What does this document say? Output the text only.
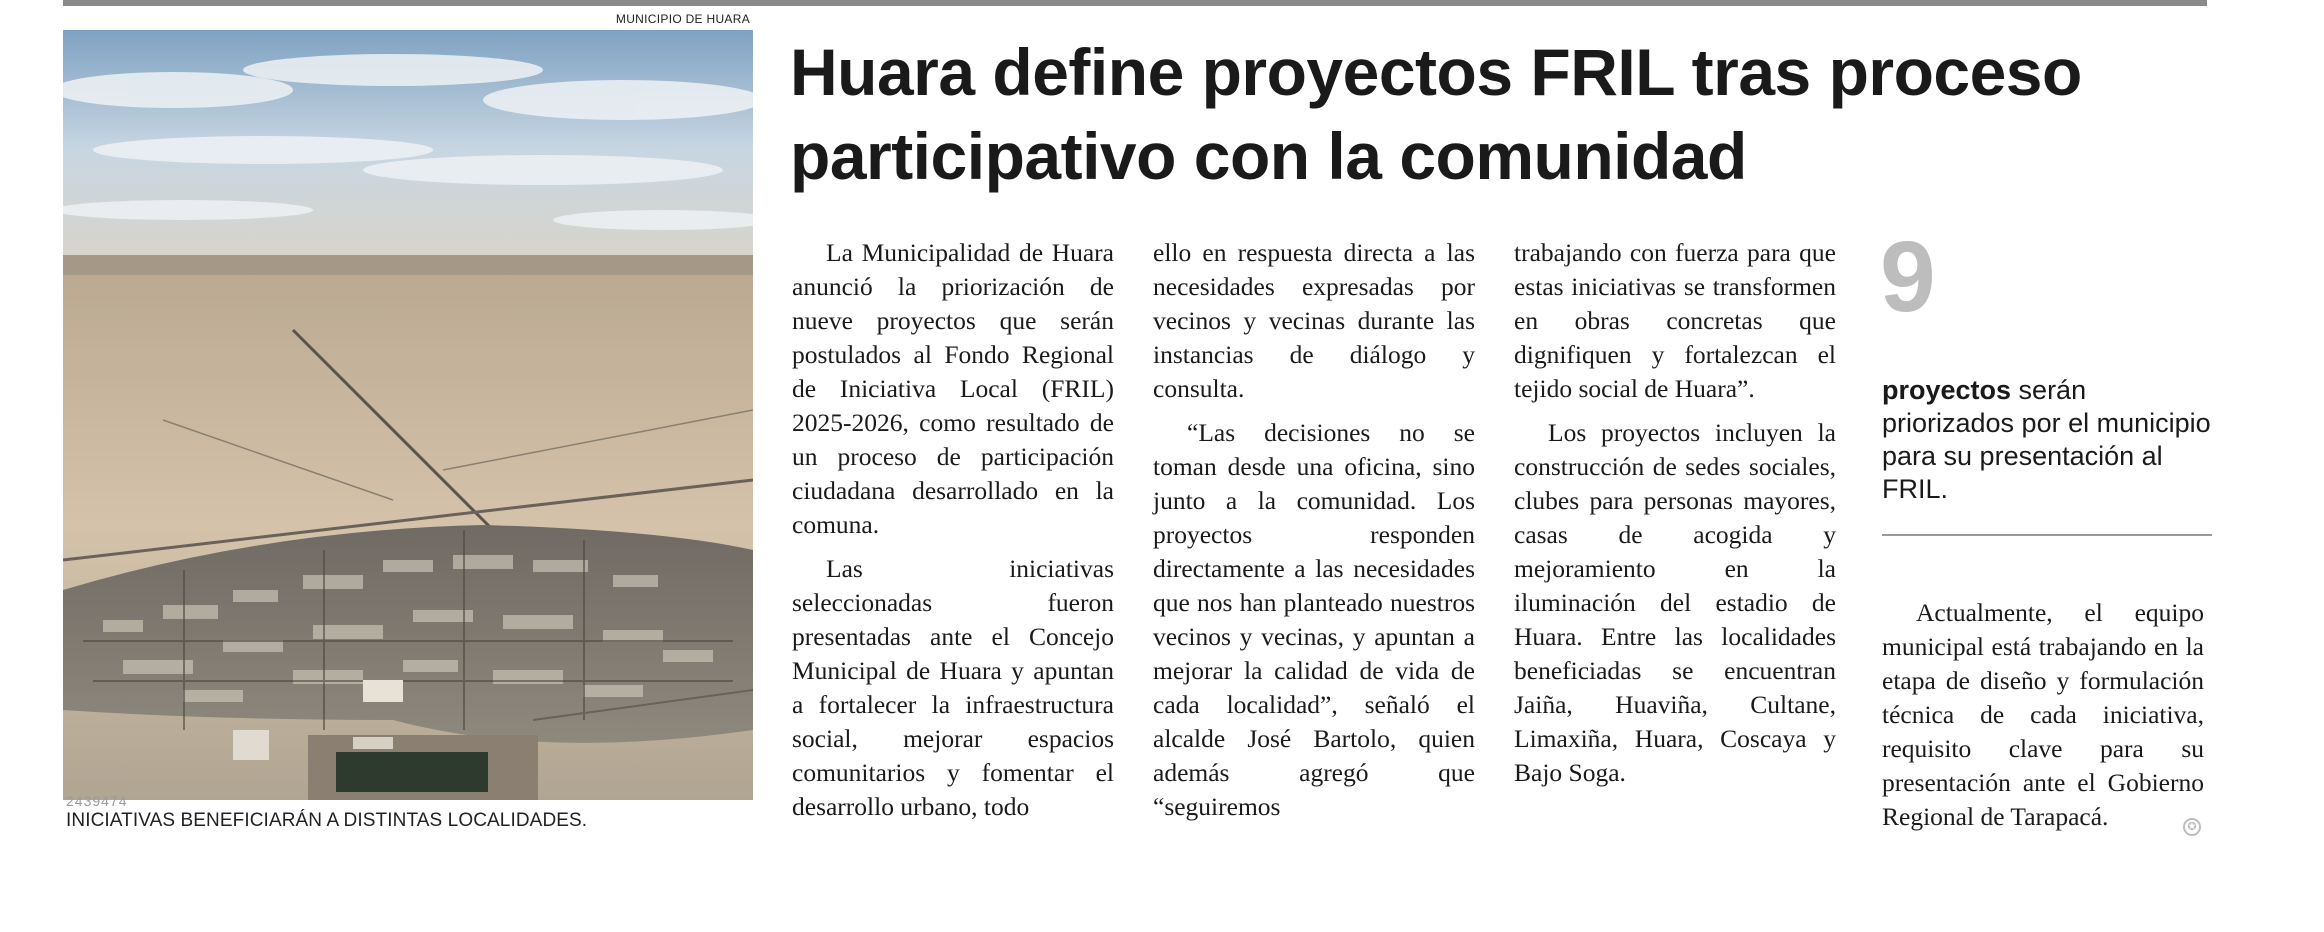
MUNICIPIO DE HUARA
2439474
INICIATIVAS BENEFICIARÁN A DISTINTAS LOCALIDADES.
Huara define proyectos FRIL tras proceso participativo con la comunidad

La Municipalidad de Huara anunció la priorización de nueve proyectos que serán postulados al Fondo Regional de Iniciativa Local (FRIL) 2025-2026, como resultado de un proceso de participación ciudadana desarrollado en la comuna.

Las iniciativas seleccionadas fueron presentadas ante el Concejo Municipal de Huara y apuntan a fortalecer la infraestructura social, mejorar espacios comunitarios y fomentar el desarrollo urbano, todo

ello en respuesta directa a las necesidades expresadas por vecinos y vecinas durante las instancias de diálogo y consulta.

“Las decisiones no se toman desde una oficina, sino junto a la comunidad. Los proyectos responden directamente a las necesidades que nos han planteado nuestros vecinos y vecinas, y apuntan a mejorar la calidad de vida de cada localidad”, señaló el alcalde José Bartolo, quien además agregó que “seguiremos

trabajando con fuerza para que estas iniciativas se transformen en obras concretas que dignifiquen y fortalezcan el tejido social de Huara”.

Los proyectos incluyen la construcción de sedes sociales, clubes para personas mayores, casas de acogida y mejoramiento en la iluminación del estadio de Huara. Entre las localidades beneficiadas se encuentran Jaiña, Huaviña, Cultane, Limaxiña, Huara, Coscaya y Bajo Soga.

9
proyectos serán priorizados por el municipio para su presentación al FRIL.

Actualmente, el equipo municipal está trabajando en la etapa de diseño y formulación técnica de cada iniciativa, requisito clave para su presentación ante el Gobierno Regional de Tarapacá.	✪
